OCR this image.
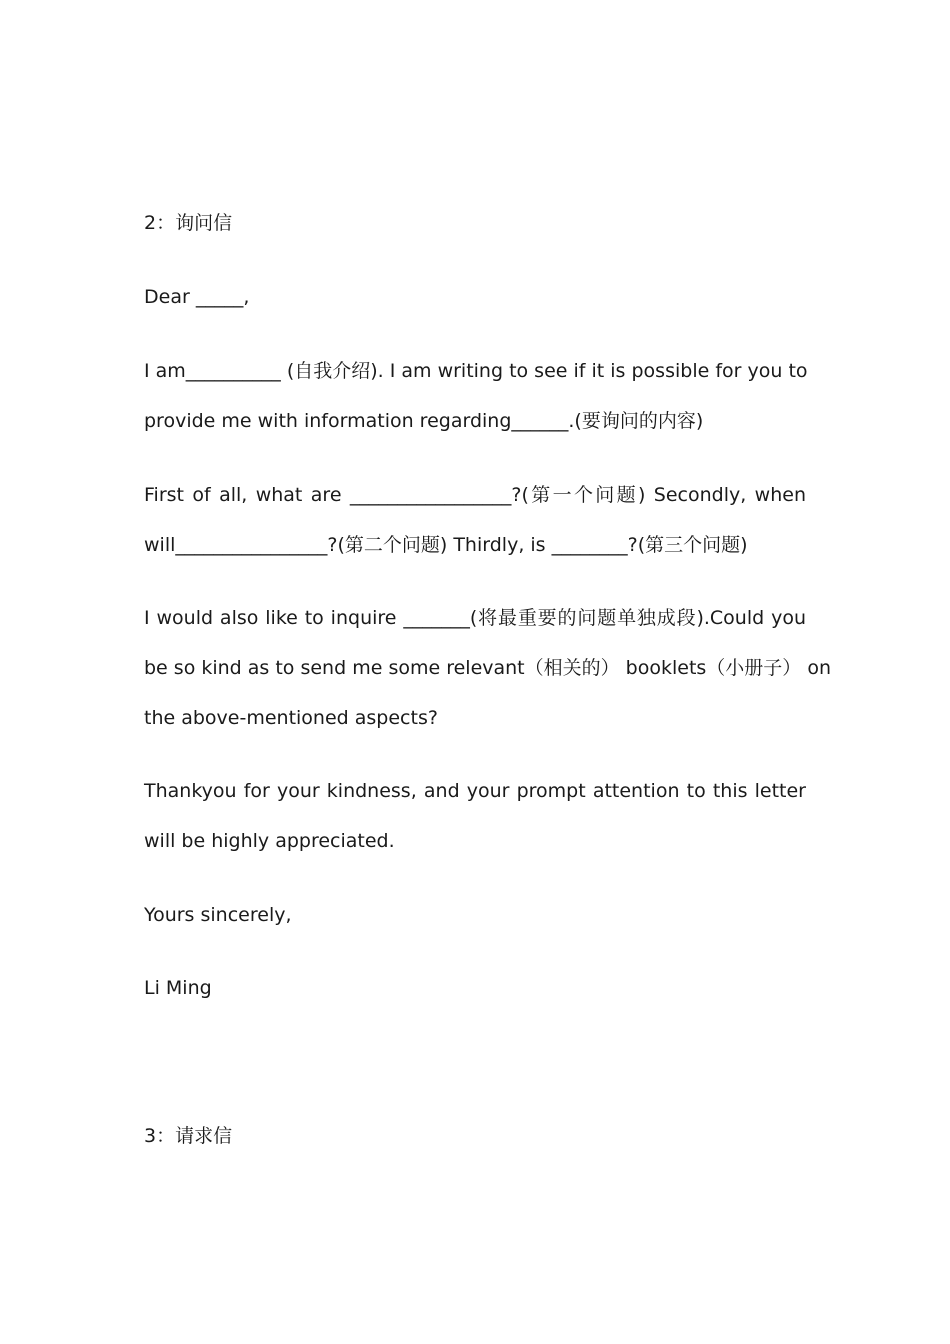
2：询问信
Dear _____,
I am__________ (自我介绍). I am writing to see if it is possible for you to
provide me with information regarding______.(要询问的内容)
First of all, what are _________________?(第一个问题) Secondly, when
will________________?(第二个问题) Thirdly, is ________?(第三个问题)
I would also like to inquire _______(将最重要的问题单独成段).Could you
be so kind as to send me some relevant（相关的） booklets（小册子） on
the above-mentioned aspects?
Thankyou for your kindness, and your prompt attention to this letter
will be highly appreciated.
Yours sincerely,
Li Ming
3：请求信
